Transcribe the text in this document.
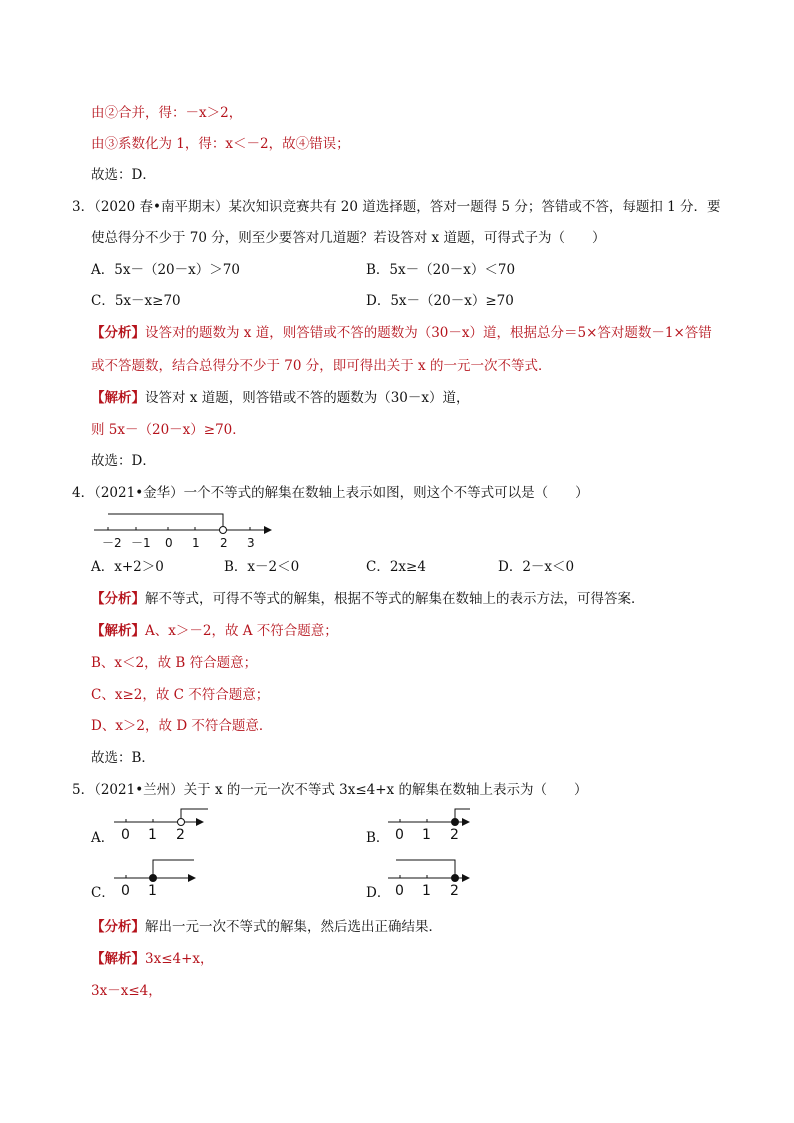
由②合并，得：－x＞2，
由③系数化为 1，得：x＜－2，故④错误；
故选：D．
3．（2020 春•南平期末）某次知识竞赛共有 20 道选择题，答对一题得 5 分；答错或不答，每题扣 1 分．要
使总得分不少于 70 分，则至少要答对几道题？若设答对 x 道题，可得式子为（　　）
A．5x－（20－x）＞70	B．5x－（20－x）＜70
C．5x－x≥70	D．5x－（20－x）≥70
【分析】设答对的题数为 x 道，则答错或不答的题数为（30－x）道，根据总分＝5×答对题数－1×答错
或不答题数，结合总得分不少于 70 分，即可得出关于 x 的一元一次不等式．
【解析】设答对 x 道题，则答错或不答的题数为（30－x）道，
则 5x－（20－x）≥70．
故选：D．
4．（2021•金华）一个不等式的解集在数轴上表示如图，则这个不等式可以是（　　）
－2 －1 0 1 2 3
A．x+2＞0	B．x－2＜0	C．2x≥4	D．2－x＜0
【分析】解不等式，可得不等式的解集，根据不等式的解集在数轴上的表示方法，可得答案．
【解析】A、x＞－2，故 A 不符合题意；
B、x＜2，故 B 符合题意；
C、x≥2，故 C 不符合题意；
D、x＞2，故 D 不符合题意．
故选：B．
5．（2021•兰州）关于 x 的一元一次不等式 3x≤4+x 的解集在数轴上表示为（　　）
A． 0 1 2	B． 0 1 2
C． 0 1	D． 0 1 2
【分析】解出一元一次不等式的解集，然后选出正确结果．
【解析】3x≤4+x，
3x－x≤4，
